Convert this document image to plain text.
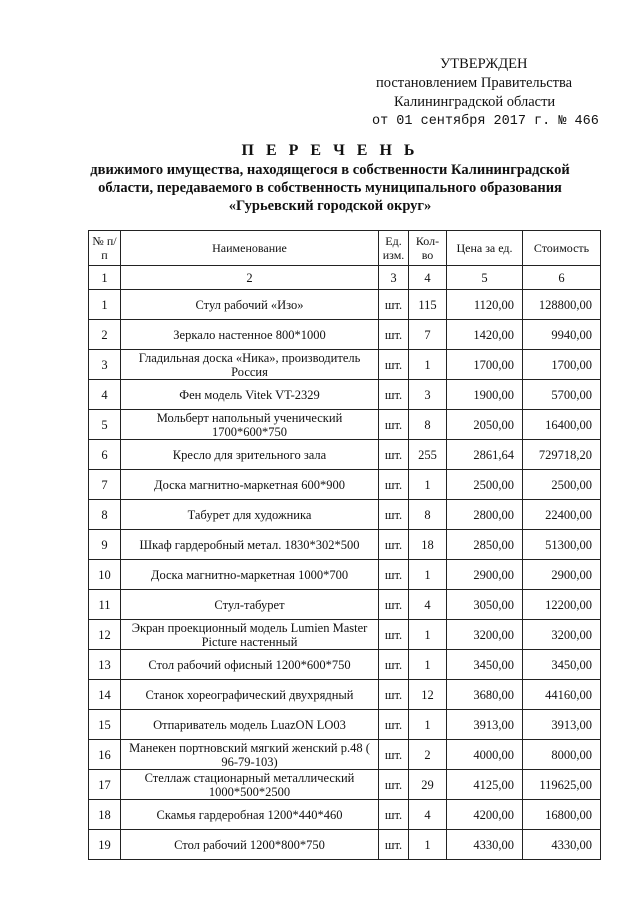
УТВЕРЖДЕН
постановлением Правительства
Калининградской области
от 01 сентября 2017 г. № 466
П Е Р Е Ч Е Н Ь
движимого имущества, находящегося в собственности Калининградской
области, передаваемого в собственность муниципального образования
«Гурьевский городской округ»
№ п/п	Наименование	Ед. изм.	Кол-во	Цена за ед.	Стоимость
1	2	3	4	5	6
1	Стул рабочий «Изо»	шт.	115	1120,00	128800,00
2	Зеркало настенное 800*1000	шт.	7	1420,00	9940,00
3	Гладильная доска «Ника», производитель Россия	шт.	1	1700,00	1700,00
4	Фен модель Vitek VT-2329	шт.	3	1900,00	5700,00
5	Мольберт напольный ученический 1700*600*750	шт.	8	2050,00	16400,00
6	Кресло для зрительного зала	шт.	255	2861,64	729718,20
7	Доска магнитно-маркетная 600*900	шт.	1	2500,00	2500,00
8	Табурет для художника	шт.	8	2800,00	22400,00
9	Шкаф гардеробный метал. 1830*302*500	шт.	18	2850,00	51300,00
10	Доска магнитно-маркетная 1000*700	шт.	1	2900,00	2900,00
11	Стул-табурет	шт.	4	3050,00	12200,00
12	Экран проекционный модель Lumien Master Picture настенный	шт.	1	3200,00	3200,00
13	Стол рабочий офисный 1200*600*750	шт.	1	3450,00	3450,00
14	Станок хореографический двухрядный	шт.	12	3680,00	44160,00
15	Отпариватель модель LuazON LO03	шт.	1	3913,00	3913,00
16	Манекен портновский мягкий женский р.48 ( 96-79-103)	шт.	2	4000,00	8000,00
17	Стеллаж стационарный металлический 1000*500*2500	шт.	29	4125,00	119625,00
18	Скамья гардеробная 1200*440*460	шт.	4	4200,00	16800,00
19	Стол рабочий 1200*800*750	шт.	1	4330,00	4330,00
